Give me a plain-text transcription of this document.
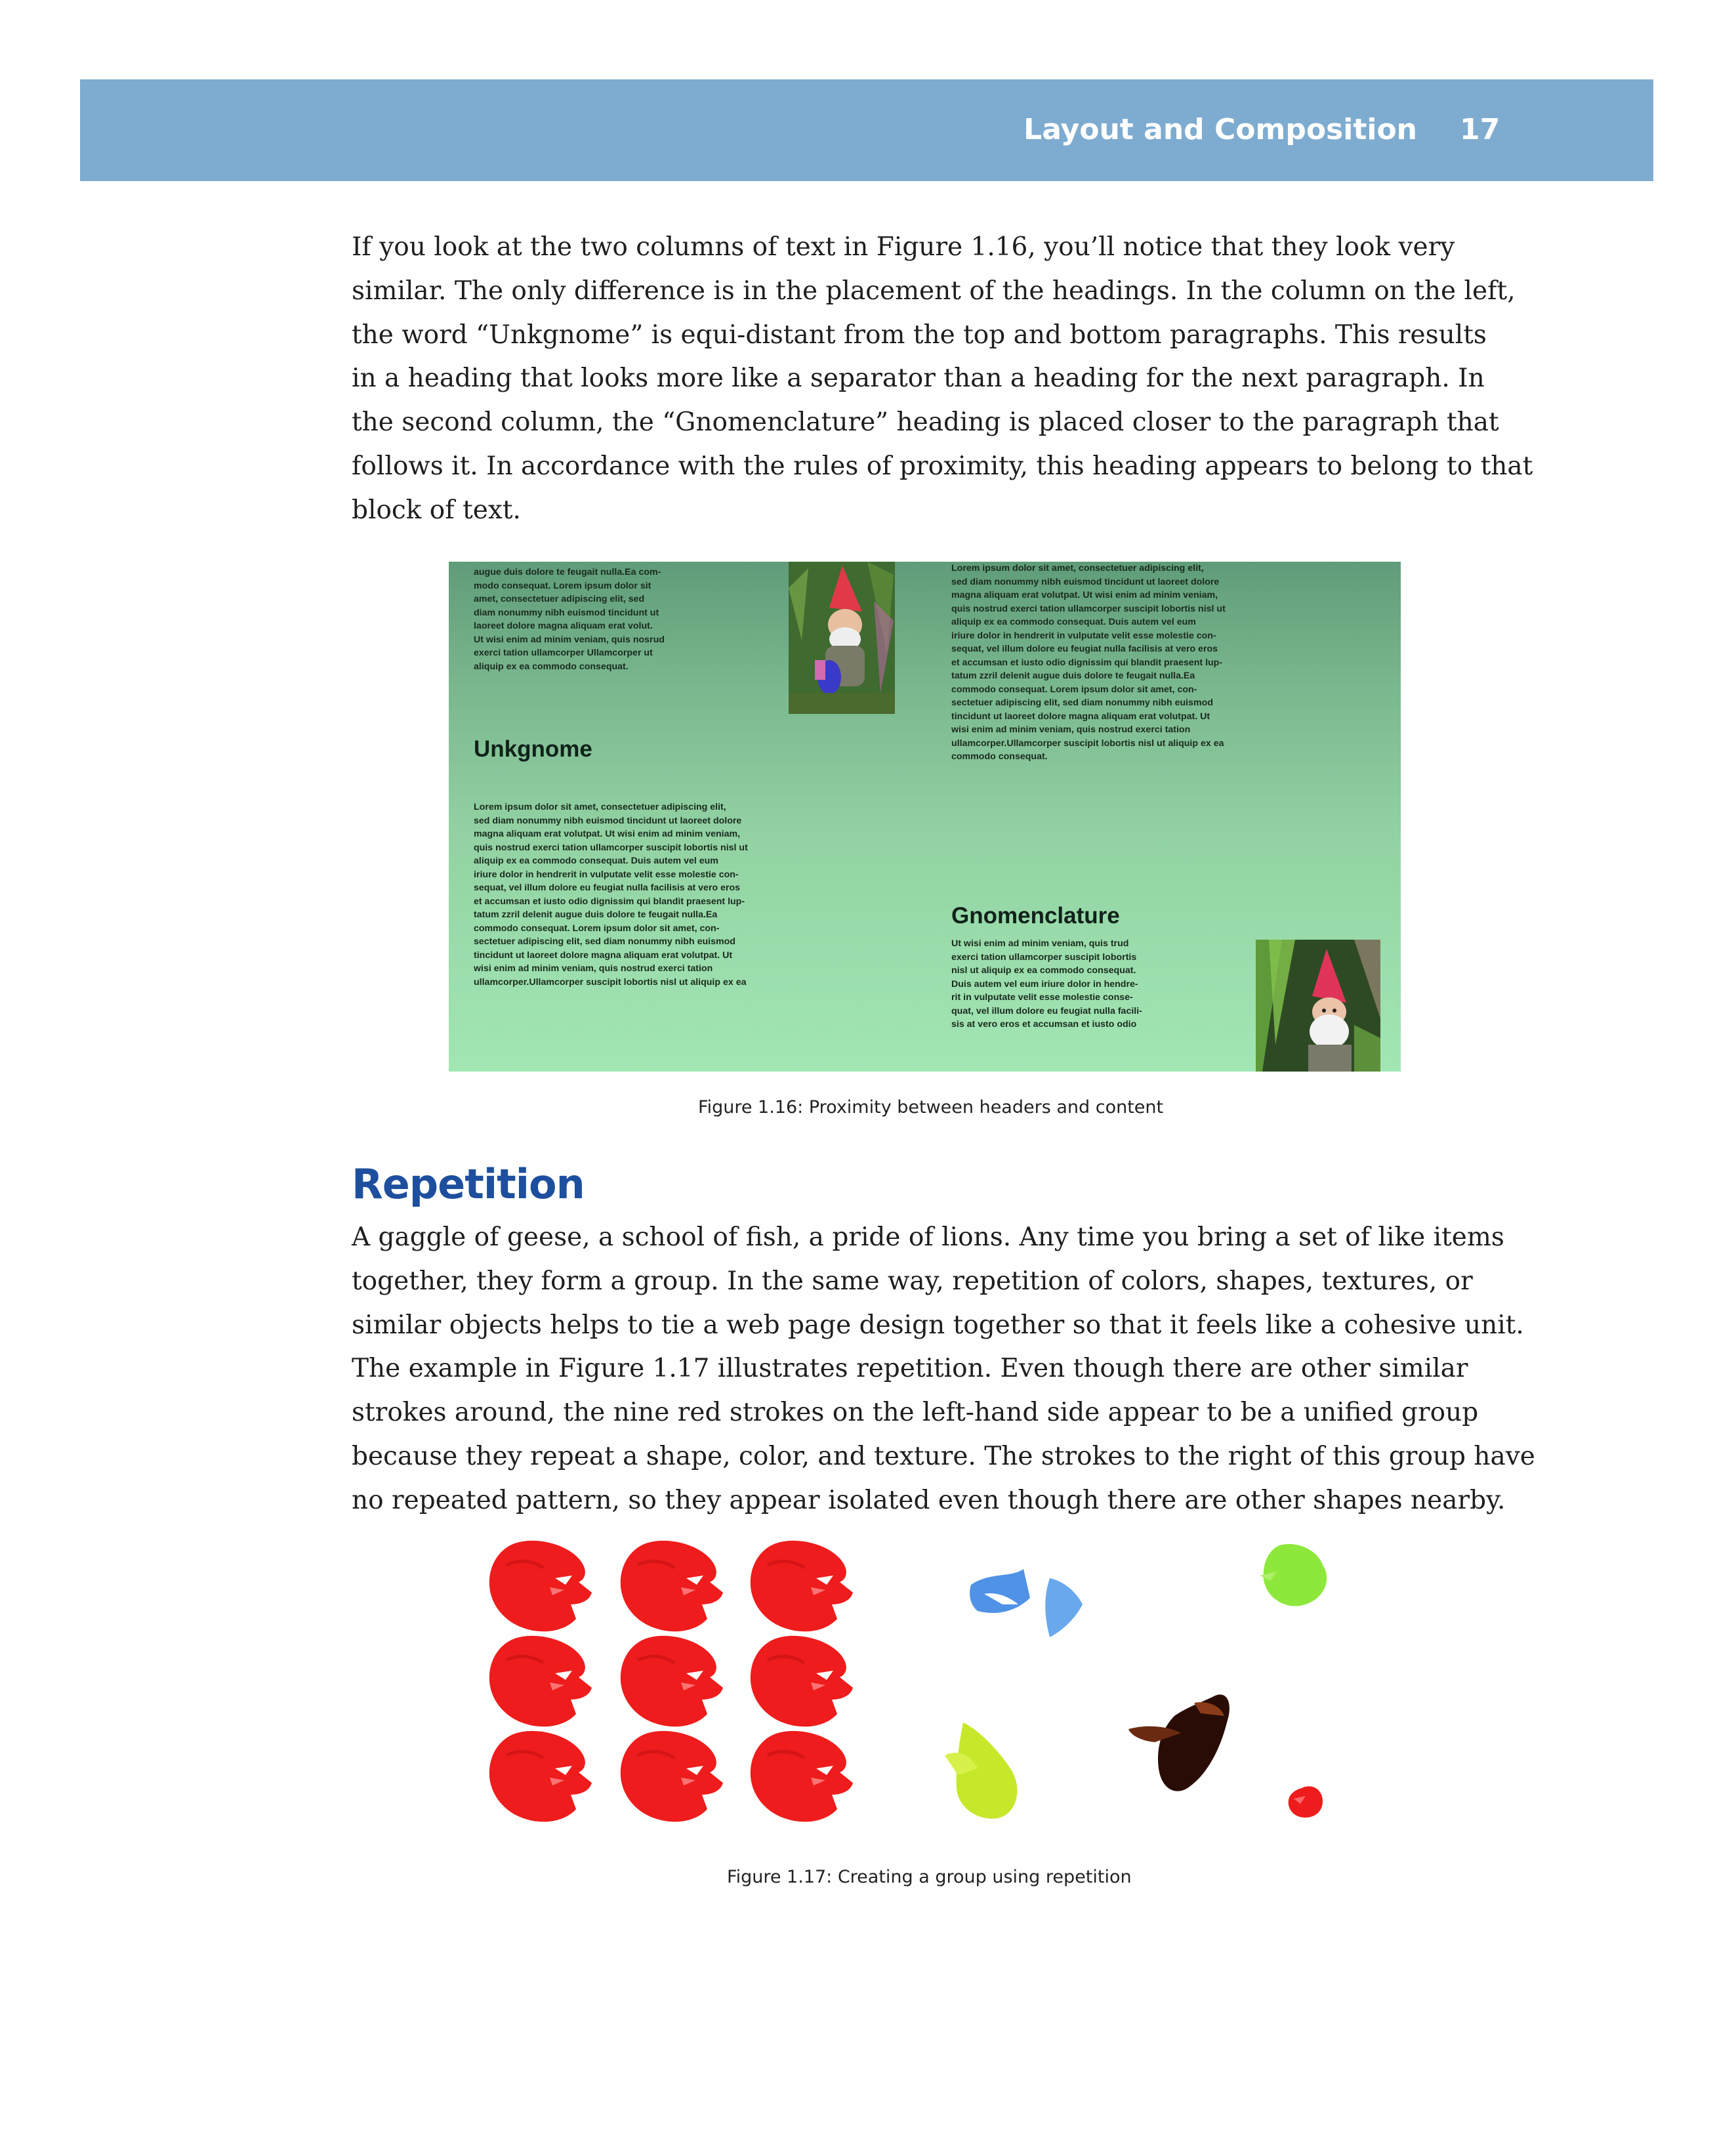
Layout and Composition 17
If you look at the two columns of text in Figure 1.16, you’ll notice that they look very
similar. The only difference is in the placement of the headings. In the column on the left,
the word “Unkgnome” is equi-distant from the top and bottom paragraphs. This results
in a heading that looks more like a separator than a heading for the next paragraph. In
the second column, the “Gnomenclature” heading is placed closer to the paragraph that
follows it. In accordance with the rules of proximity, this heading appears to belong to that
block of text.
augue duis dolore te feugait nulla.Ea com-
modo consequat. Lorem ipsum dolor sit
amet, consectetuer adipiscing elit, sed
diam nonummy nibh euismod tincidunt ut
laoreet dolore magna aliquam erat volut.
Ut wisi enim ad minim veniam, quis nosrud
exerci tation ullamcorper Ullamcorper ut
aliquip ex ea commodo consequat.
Unkgnome
Lorem ipsum dolor sit amet, consectetuer adipiscing elit,
sed diam nonummy nibh euismod tincidunt ut laoreet dolore
magna aliquam erat volutpat. Ut wisi enim ad minim veniam,
quis nostrud exerci tation ullamcorper suscipit lobortis nisl ut
aliquip ex ea commodo consequat. Duis autem vel eum
iriure dolor in hendrerit in vulputate velit esse molestie con-
sequat, vel illum dolore eu feugiat nulla facilisis at vero eros
et accumsan et iusto odio dignissim qui blandit praesent lup-
tatum zzril delenit augue duis dolore te feugait nulla.Ea
commodo consequat. Lorem ipsum dolor sit amet, con-
sectetuer adipiscing elit, sed diam nonummy nibh euismod
tincidunt ut laoreet dolore magna aliquam erat volutpat. Ut
wisi enim ad minim veniam, quis nostrud exerci tation
ullamcorper.Ullamcorper suscipit lobortis nisl ut aliquip ex ea
Lorem ipsum dolor sit amet, consectetuer adipiscing elit,
sed diam nonummy nibh euismod tincidunt ut laoreet dolore
magna aliquam erat volutpat. Ut wisi enim ad minim veniam,
quis nostrud exerci tation ullamcorper suscipit lobortis nisl ut
aliquip ex ea commodo consequat. Duis autem vel eum
iriure dolor in hendrerit in vulputate velit esse molestie con-
sequat, vel illum dolore eu feugiat nulla facilisis at vero eros
et accumsan et iusto odio dignissim qui blandit praesent lup-
tatum zzril delenit augue duis dolore te feugait nulla.Ea
commodo consequat. Lorem ipsum dolor sit amet, con-
sectetuer adipiscing elit, sed diam nonummy nibh euismod
tincidunt ut laoreet dolore magna aliquam erat volutpat. Ut
wisi enim ad minim veniam, quis nostrud exerci tation
ullamcorper.Ullamcorper suscipit lobortis nisl ut aliquip ex ea
commodo consequat.
Gnomenclature
Ut wisi enim ad minim veniam, quis trud
exerci tation ullamcorper suscipit lobortis
nisl ut aliquip ex ea commodo consequat.
Duis autem vel eum iriure dolor in hendre-
rit in vulputate velit esse molestie conse-
quat, vel illum dolore eu feugiat nulla facili-
sis at vero eros et accumsan et iusto odio
Figure 1.16: Proximity between headers and content
Repetition
A gaggle of geese, a school of fish, a pride of lions. Any time you bring a set of like items
together, they form a group. In the same way, repetition of colors, shapes, textures, or
similar objects helps to tie a web page design together so that it feels like a cohesive unit.
The example in Figure 1.17 illustrates repetition. Even though there are other similar
strokes around, the nine red strokes on the left-hand side appear to be a unified group
because they repeat a shape, color, and texture. The strokes to the right of this group have
no repeated pattern, so they appear isolated even though there are other shapes nearby.
Figure 1.17: Creating a group using repetition
